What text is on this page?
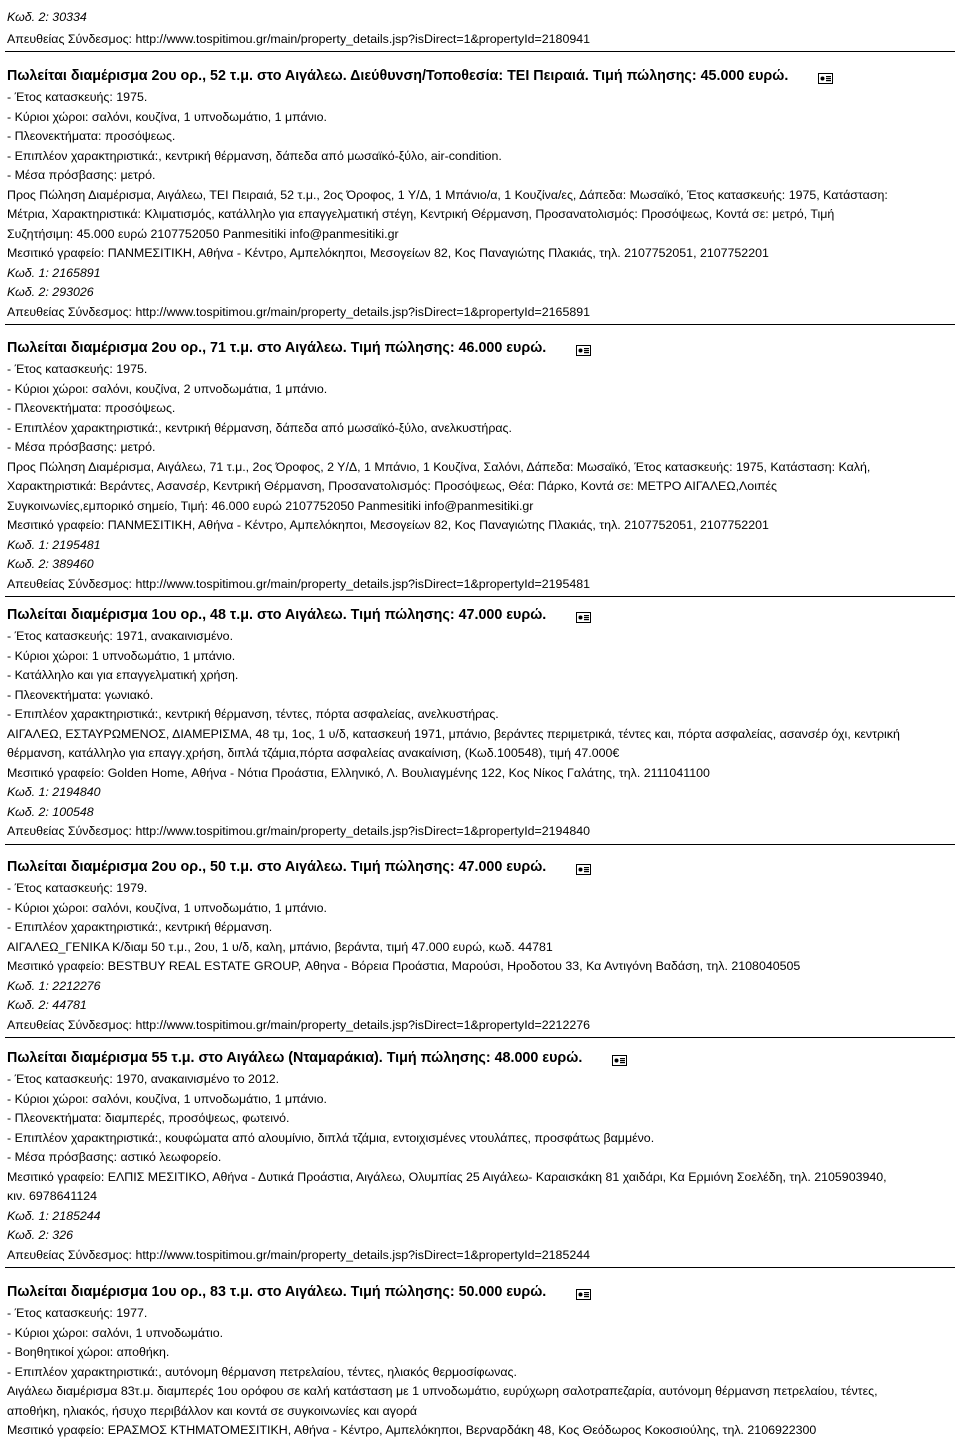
Κωδ. 2: 30334
Απευθείας Σύνδεσμος: http://www.tospitimou.gr/main/property_details.jsp?isDirect=1&propertyId=2180941
Πωλείται διαμέρισμα 2ου ορ., 52 τ.μ. στο Αιγάλεω. Διεύθυνση/Τοποθεσία: ΤΕΙ Πειραιά. Τιμή πώλησης: 45.000 ευρώ.
- Έτος κατασκευής: 1975.
- Κύριοι χώροι: σαλόνι, κουζίνα, 1 υπνοδωμάτιο, 1 μπάνιο.
- Πλεονεκτήματα: προσόψεως.
- Επιπλέον χαρακτηριστικά:, κεντρική θέρμανση, δάπεδα από μωσαϊκό-ξύλο, air-condition.
- Μέσα πρόσβασης: μετρό.
Προς Πώληση Διαμέρισμα, Αιγάλεω, ΤΕΙ Πειραιά, 52 τ.μ., 2ος Όροφος, 1 Υ/Δ, 1 Μπάνιο/α, 1 Κουζίνα/ες, Δάπεδα: Μωσαϊκό, Έτος κατασκευής: 1975, Κατάσταση:
Μέτρια, Χαρακτηριστικά: Κλιματισμός, κατάλληλο για επαγγελματική στέγη, Κεντρική Θέρμανση, Προσανατολισμός: Προσόψεως, Κοντά σε: μετρό, Τιμή
Συζητήσιμη: 45.000 ευρώ 2107752050 Panmesitiki info@panmesitiki.gr
Μεσιτικό γραφείο: ΠΑΝΜΕΣΙΤΙΚΗ, Αθήνα - Κέντρο, Αμπελόκηποι, Μεσογείων 82, Κος Παναγιώτης Πλακιάς, τηλ. 2107752051, 2107752201
Κωδ. 1: 2165891
Κωδ. 2: 293026
Απευθείας Σύνδεσμος: http://www.tospitimou.gr/main/property_details.jsp?isDirect=1&propertyId=2165891
Πωλείται διαμέρισμα 2ου ορ., 71 τ.μ. στο Αιγάλεω. Τιμή πώλησης: 46.000 ευρώ.
- Έτος κατασκευής: 1975.
- Κύριοι χώροι: σαλόνι, κουζίνα, 2 υπνοδωμάτια, 1 μπάνιο.
- Πλεονεκτήματα: προσόψεως.
- Επιπλέον χαρακτηριστικά:, κεντρική θέρμανση, δάπεδα από μωσαϊκό-ξύλο, ανελκυστήρας.
- Μέσα πρόσβασης: μετρό.
Προς Πώληση Διαμέρισμα, Αιγάλεω, 71 τ.μ., 2ος Όροφος, 2 Υ/Δ, 1 Μπάνιο, 1 Κουζίνα, Σαλόνι, Δάπεδα: Μωσαϊκό, Έτος κατασκευής: 1975, Κατάσταση: Καλή,
Χαρακτηριστικά: Βεράντες, Ασανσέρ, Κεντρική Θέρμανση, Προσανατολισμός: Προσόψεως, Θέα: Πάρκο, Κοντά σε: ΜΕΤΡΟ ΑΙΓΑΛΕΩ,Λοιπές
Συγκοινωνίες,εμπορικό σημείο, Τιμή: 46.000 ευρώ 2107752050 Panmesitiki info@panmesitiki.gr
Μεσιτικό γραφείο: ΠΑΝΜΕΣΙΤΙΚΗ, Αθήνα - Κέντρο, Αμπελόκηποι, Μεσογείων 82, Κος Παναγιώτης Πλακιάς, τηλ. 2107752051, 2107752201
Κωδ. 1: 2195481
Κωδ. 2: 389460
Απευθείας Σύνδεσμος: http://www.tospitimou.gr/main/property_details.jsp?isDirect=1&propertyId=2195481
Πωλείται διαμέρισμα 1ου ορ., 48 τ.μ. στο Αιγάλεω. Τιμή πώλησης: 47.000 ευρώ.
- Έτος κατασκευής: 1971, ανακαινισμένο.
- Κύριοι χώροι: 1 υπνοδωμάτιο, 1 μπάνιο.
- Κατάλληλο και για επαγγελματική χρήση.
- Πλεονεκτήματα: γωνιακό.
- Επιπλέον χαρακτηριστικά:, κεντρική θέρμανση, τέντες, πόρτα ασφαλείας, ανελκυστήρας.
ΑΙΓΑΛΕΩ, ΕΣΤΑΥΡΩΜΕΝΟΣ, ΔΙΑΜΕΡΙΣΜΑ, 48 τμ, 1ος, 1 υ/δ, κατασκευή 1971, μπάνιο, βεράντες περιμετρικά, τέντες και, πόρτα ασφαλείας, ασανσέρ όχι, κεντρική
θέρμανση, κατάλληλο για επαγγ.χρήση, διπλά τζάμια,πόρτα ασφαλείας ανακαίνιση, (Κωδ.100548), τιμή 47.000€
Μεσιτικό γραφείο: Golden Home, Αθήνα - Νότια Προάστια, Ελληνικό, Λ. Βουλιαγμένης 122, Κος Νίκος Γαλάτης, τηλ. 2111041100
Κωδ. 1: 2194840
Κωδ. 2: 100548
Απευθείας Σύνδεσμος: http://www.tospitimou.gr/main/property_details.jsp?isDirect=1&propertyId=2194840
Πωλείται διαμέρισμα 2ου ορ., 50 τ.μ. στο Αιγάλεω. Τιμή πώλησης: 47.000 ευρώ.
- Έτος κατασκευής: 1979.
- Κύριοι χώροι: σαλόνι, κουζίνα, 1 υπνοδωμάτιο, 1 μπάνιο.
- Επιπλέον χαρακτηριστικά:, κεντρική θέρμανση.
ΑΙΓΑΛΕΩ_ΓΕΝΙΚΑ Κ/διαμ 50 τ.μ., 2ου, 1 υ/δ, καλη, μπάνιο, βεράντα, τιμή 47.000 ευρώ, κωδ. 44781
Μεσιτικό γραφείο: BESTBUY REAL ESTATE GROUP, Αθηνα - Βόρεια Προάστια, Μαρούσι, Ηροδοτου 33, Κα Αντιγόνη Βαδάση, τηλ. 2108040505
Κωδ. 1: 2212276
Κωδ. 2: 44781
Απευθείας Σύνδεσμος: http://www.tospitimou.gr/main/property_details.jsp?isDirect=1&propertyId=2212276
Πωλείται διαμέρισμα 55 τ.μ. στο Αιγάλεω (Νταμαράκια). Τιμή πώλησης: 48.000 ευρώ.
- Έτος κατασκευής: 1970, ανακαινισμένο το 2012.
- Κύριοι χώροι: σαλόνι, κουζίνα, 1 υπνοδωμάτιο, 1 μπάνιο.
- Πλεονεκτήματα: διαμπερές, προσόψεως, φωτεινό.
- Επιπλέον χαρακτηριστικά:, κουφώματα από αλουμίνιο, διπλά τζάμια, εντοιχισμένες ντουλάπες, προσφάτως βαμμένο.
- Μέσα πρόσβασης: αστικό λεωφορείο.
Μεσιτικό γραφείο: ΕΛΠΙΣ ΜΕΣΙΤΙΚΟ, Αθήνα - Δυτικά Προάστια, Αιγάλεω, Ολυμπίας 25 Αιγάλεω- Καραισκάκη 81 χαιδάρι, Κα Ερμιόνη Σοελέδη, τηλ. 2105903940,
κιν. 6978641124
Κωδ. 1: 2185244
Κωδ. 2: 326
Απευθείας Σύνδεσμος: http://www.tospitimou.gr/main/property_details.jsp?isDirect=1&propertyId=2185244
Πωλείται διαμέρισμα 1ου ορ., 83 τ.μ. στο Αιγάλεω. Τιμή πώλησης: 50.000 ευρώ.
- Έτος κατασκευής: 1977.
- Κύριοι χώροι: σαλόνι, 1 υπνοδωμάτιο.
- Βοηθητικοί χώροι: αποθήκη.
- Επιπλέον χαρακτηριστικά:, αυτόνομη θέρμανση πετρελαίου, τέντες, ηλιακός θερμοσίφωνας.
Αιγάλεω διαμέρισμα 83τ.μ. διαμπερές 1ου ορόφου σε καλή κατάσταση με 1 υπνοδωμάτιο, ευρύχωρη σαλοτραπεζαρία, αυτόνομη θέρμανση πετρελαίου, τέντες,
αποθήκη, ηλιακός, ήσυχο περιβάλλον και κοντά σε συγκοινωνίες και αγορά
Μεσιτικό γραφείο: ΕΡΑΣΜΟΣ ΚΤΗΜΑΤΟΜΕΣΙΤΙΚΗ, Αθήνα - Κέντρο, Αμπελόκηποι, Βερναρδάκη 48, Κος Θεόδωρος Κοκοσιούλης, τηλ. 2106922300
